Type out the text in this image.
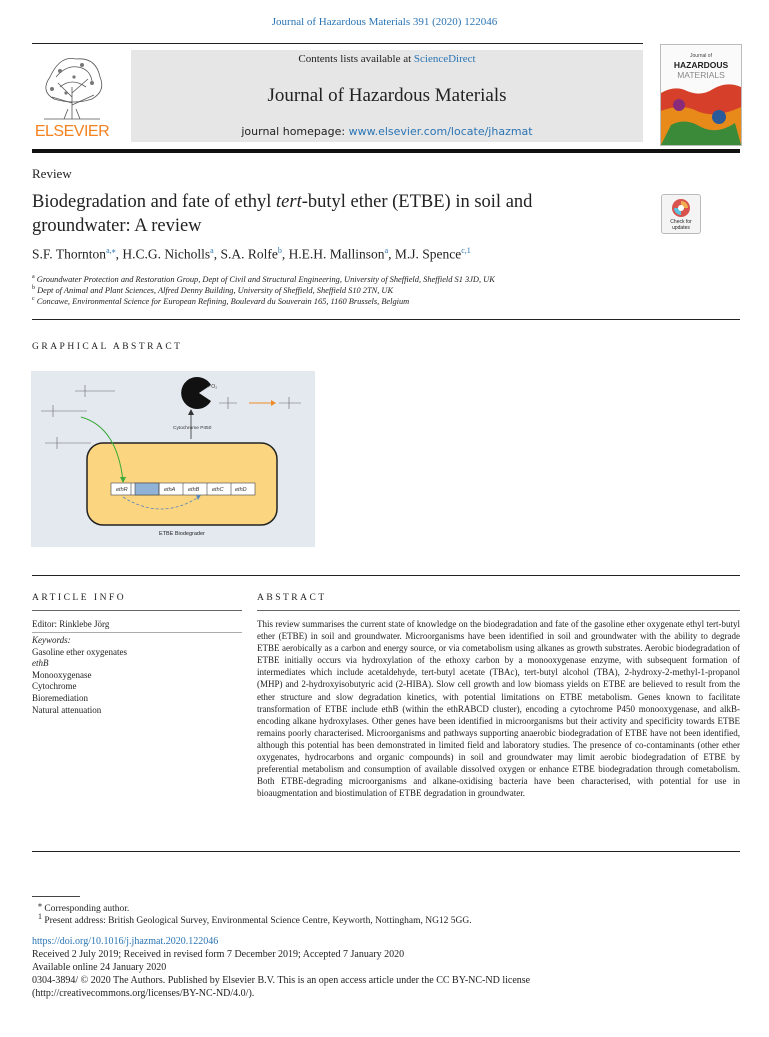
Journal of Hazardous Materials 391 (2020) 122046
ELSEVIER
Contents lists available at ScienceDirect
Journal of Hazardous Materials
journal homepage: www.elsevier.com/locate/jhazmat
Journal of
HAZARDOUS
MATERIALS
Review
Biodegradation and fate of ethyl tert-butyl ether (ETBE) in soil and groundwater: A review	Check for
updates
S.F. Thornton$^{a,⁎}$, H.C.G. Nicholls$^a$, S.A. Rolfe$^b$, H.E.H. Mallinson$^a$, M.J. Spence$^{c,1}$
$^a$ Groundwater Protection and Restoration Group, Dept of Civil and Structural Engineering, University of Sheffield, Sheffield S1 3JD, UK
$^b$ Dept of Animal and Plant Sciences, Alfred Denny Building, University of Sheffield, Sheffield S10 2TN, UK
$^c$ Concawe, Environmental Science for European Refining, Boulevard du Souverain 165, 1160 Brussels, Belgium
GRAPHICAL ABSTRACT
+ O₂
Cytochrome P450
ethR	ethA ethB ethC ethD
ETBE Biodegrader
ARTICLE INFO
Editor: Rinklebe Jörg
Keywords:
Gasoline ether oxygenates
ethB
Monooxygenase
Cytochrome
Bioremediation
Natural attenuation
ABSTRACT
This review summarises the current state of knowledge on the biodegradation and fate of the gasoline ether oxygenate ethyl tert-butyl ether (ETBE) in soil and groundwater. Microorganisms have been identified in soil and groundwater with the ability to degrade ETBE aerobically as a carbon and energy source, or via cometabolism using alkanes as growth substrates. Aerobic biodegradation of ETBE initially occurs via hydroxylation of the ethoxy carbon by a monooxygenase enzyme, with subsequent formation of intermediates which include acetaldehyde, tert-butyl acetate (TBAc), tert-butyl alcohol (TBA), 2-hydroxy-2-methyl-1-propanol (MHP) and 2-hydroxyisobutyric acid (2-HIBA). Slow cell growth and low biomass yields on ETBE are believed to result from the ether structure and slow degradation kinetics, with potential limitations on ETBE metabolism. Genes known to facilitate transformation of ETBE include ethB (within the ethRABCD cluster), encoding a cytochrome P450 monooxygenase, and alkB-encoding alkane hydroxylases. Other genes have been identified in microorganisms but their activity and specificity towards ETBE remains poorly characterised. Microorganisms and pathways supporting anaerobic biodegradation of ETBE have not been identified, although this potential has been demonstrated in limited field and laboratory studies. The presence of co-contaminants (other ether oxygenates, hydrocarbons and organic compounds) in soil and groundwater may limit aerobic biodegradation of ETBE by preferential metabolism and consumption of available dissolved oxygen or enhance ETBE biodegradation through cometabolism. Both ETBE-degrading microorganisms and alkane-oxidising bacteria have been characterised, with potential for use in bioaugmentation and biostimulation of ETBE degradation in groundwater.
⁎ Corresponding author.
$^1$ Present address: British Geological Survey, Environmental Science Centre, Keyworth, Nottingham, NG12 5GG.
https://doi.org/10.1016/j.jhazmat.2020.122046
Received 2 July 2019; Received in revised form 7 December 2019; Accepted 7 January 2020
Available online 24 January 2020
0304-3894/ © 2020 The Authors. Published by Elsevier B.V. This is an open access article under the CC BY-NC-ND license
(http://creativecommons.org/licenses/BY-NC-ND/4.0/).
